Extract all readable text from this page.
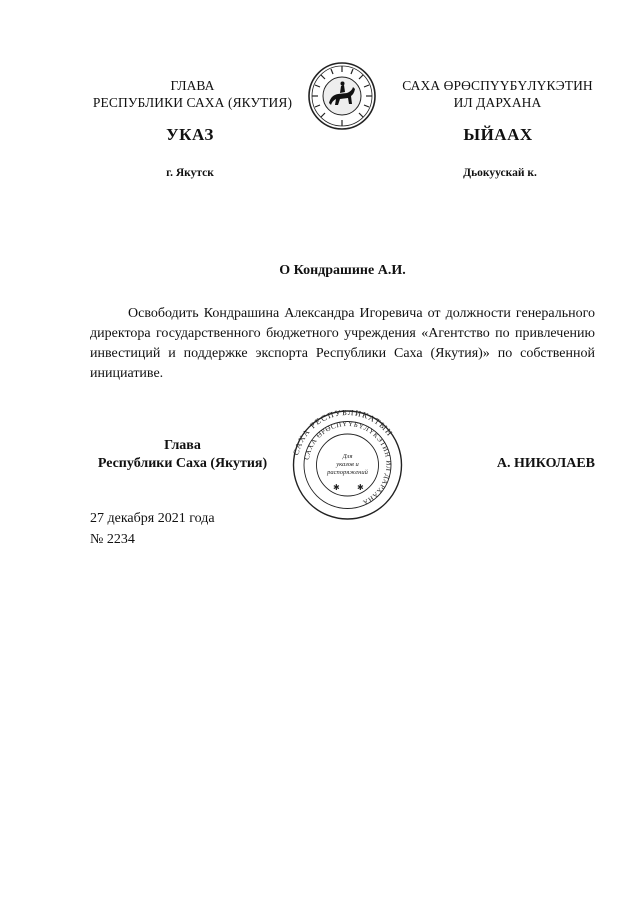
ГЛАВА
РЕСПУБЛИКИ САХА (ЯКУТИЯ)
САХА ӨРӨСПҮҮБҮЛҮКЭТИН
ИЛ ДАРХАНА
УКАЗ	ЫЙААХ
г. Якутск	Дьокуускай к.
О Кондрашине А.И.
Освободить Кондрашина Александра Игоревича от должности генерального директора государственного бюджетного учреждения «Агентство по привлечению инвестиций и поддержке экспорта Республики Саха (Якутия)» по собственной инициативе.
Глава
Республики Саха (Якутия)
САХА РЕСПУБЛИКАТЫН
САХА ӨРӨСПҮҮБҮЛҮКЭТИН ИЛ ДАРХАНА
Для
указов и
распоряжений
✱ ✱
А. НИКОЛАЕВ
27 декабря 2021 года
№ 2234
